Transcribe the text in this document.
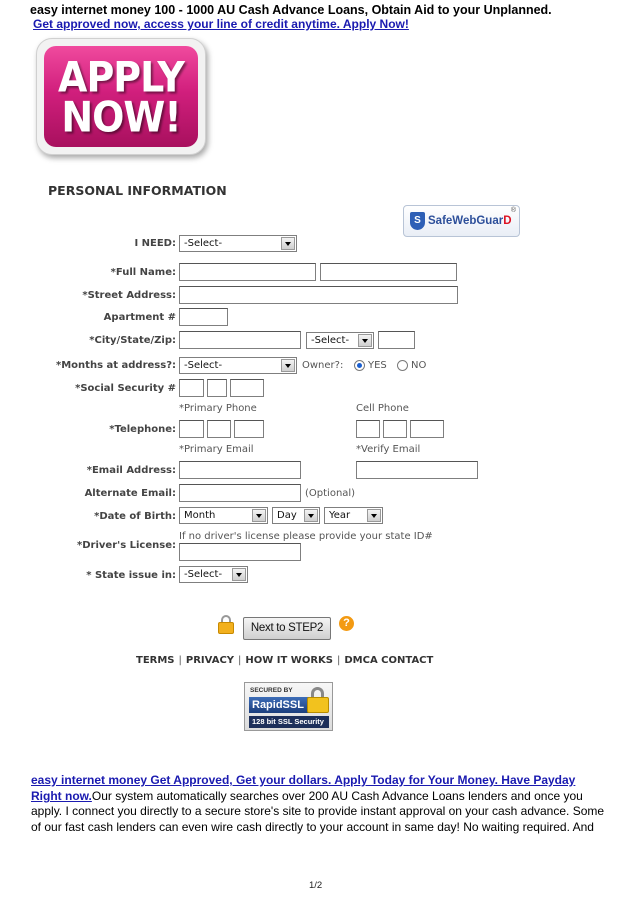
easy internet money 100 - 1000 AU Cash Advance Loans, Obtain Aid to your Unplanned.
Get approved now, access your line of credit anytime. Apply Now!
APPLY
NOW!
PERSONAL INFORMATION
S SafeWebGuarD
®
I NEED: -Select-
*Full Name:
*Street Address:
Apartment #
*City/State/Zip:	-Select-
*Months at address?: -Select-	Owner?: YES NO
*Social Security #
*Primary Phone	Cell Phone
*Telephone:
*Primary Email	*Verify Email
*Email Address:
Alternate Email:	(Optional)
*Date of Birth: Month	Day	Year
If no driver's license please provide your state ID#
*Driver's License:
* State issue in: -Select-
Next to STEP2	?
TERMS | PRIVACY | HOW IT WORKS | DMCA CONTACT
SECURED BY
RapidSSL
128 bit SSL Security
easy internet money Get Approved, Get your dollars. Apply Today for Your Money. Have Payday
Right now.Our system automatically searches over 200 AU Cash Advance Loans lenders and once you
apply. I connect you directly to a secure store's site to provide instant approval on your cash advance. Some
of our fast cash lenders can even wire cash directly to your account in same day! No waiting required. And
1/2
